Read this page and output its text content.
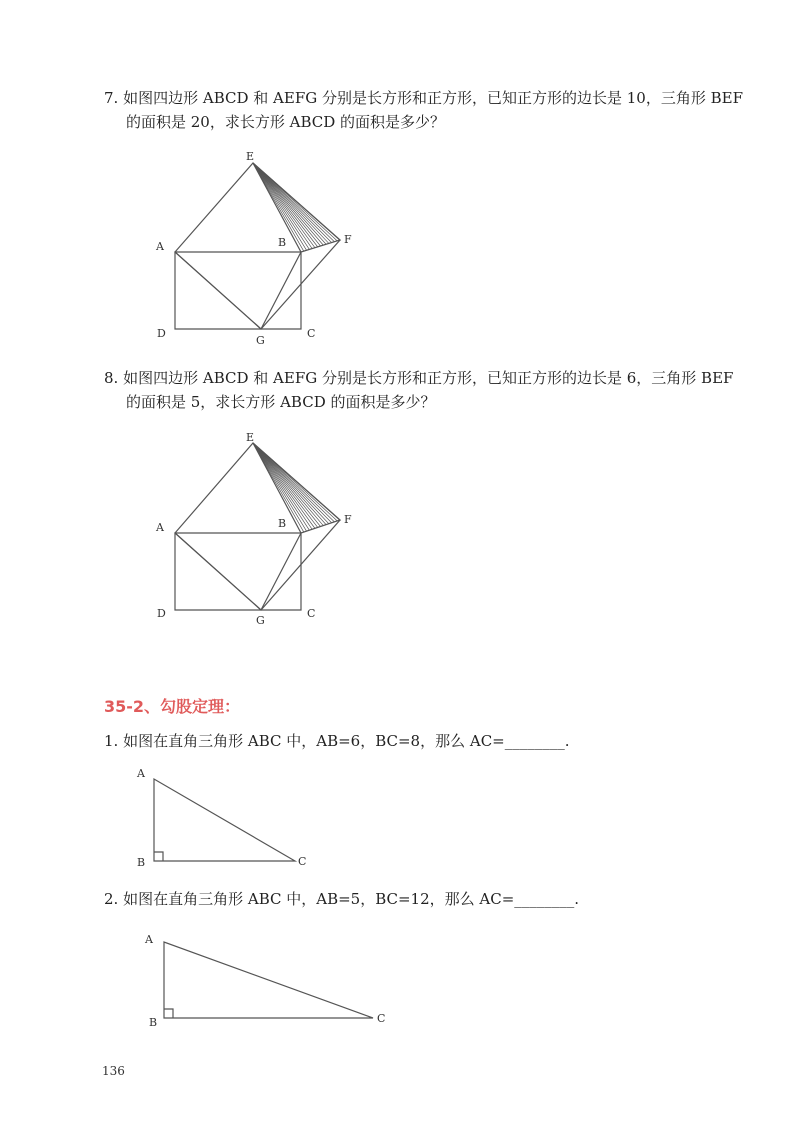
7. 如图四边形 ABCD 和 AEFG 分别是长方形和正方形，已知正方形的边长是 10，三角形 BEF
的面积是 20，求长方形 ABCD 的面积是多少？

E
F
A	B
D
G
C

8. 如图四边形 ABCD 和 AEFG 分别是长方形和正方形，已知正方形的边长是 6，三角形 BEF
的面积是 5，求长方形 ABCD 的面积是多少？

E
F
A	B
D
G
C
35-2、勾股定理：

1. 如图在直角三角形 ABC 中，AB=6，BC=8，那么 AC=________.

A
B	C

2. 如图在直角三角形 ABC 中，AB=5，BC=12，那么 AC=________.

A
B	C
136
